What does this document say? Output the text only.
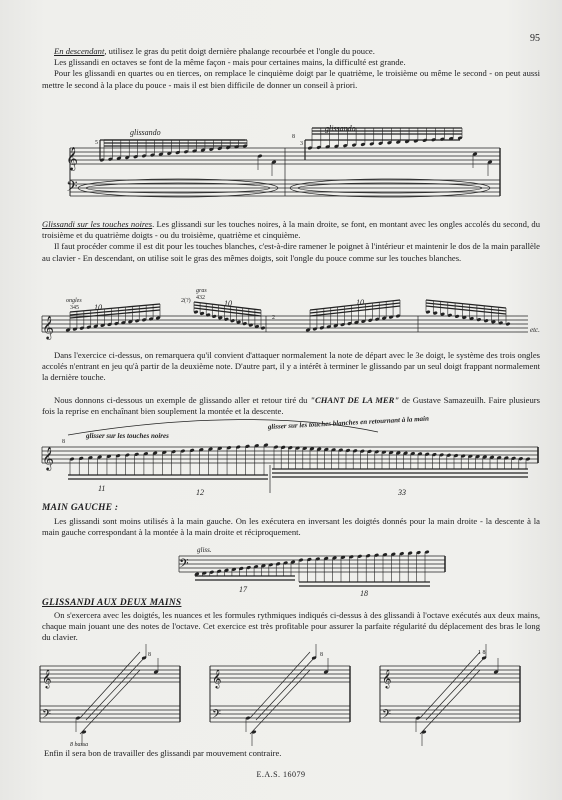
95

En descendant, utilisez le gras du petit doigt dernière phalange recourbée et l'ongle du pouce.

Les glissandi en octaves se font de la même façon - mais pour certaines mains, la difficulté est grande.

Pour les glissandi en quartes ou en tierces, on remplace le cinquième doigt par le quatrième, le troisième ou même le second - on peut aussi mettre le second à la place du pouce - mais il est bien difficile de donner un conseil à priori.

𝄞
𝄢
glissando	glissando
5
8
3

Glissandi sur les touches noires. Les glissandi sur les touches noires, à la main droite, se font, en montant avec les ongles accolés du second, du troisième et du quatrième doigts - ou du troisième, quatrième et cinquième.

Il faut procéder comme il est dit pour les touches blanches, c'est-à-dire ramener le poignet à l'intérieur et maintenir le dos de la main parallèle au clavier - En descendant, on utilise soit le gras des mêmes doigts, soit l'ongle du pouce comme sur les touches blanches.

𝄞
ongles
345 10
2(?)
gras
432
10
2
10
etc.

Dans l'exercice ci-dessus, on remarquera qu'il convient d'attaquer normalement la note de départ avec le 3e doigt, le système des trois ongles accolés n'entrant en jeu qu'à partir de la deuxième note. D'autre part, il y a intérêt à terminer le glissando par un seul doigt frappant normalement la dernière touche.

Nous donnons ci-dessous un exemple de glissando aller et retour tiré du "CHANT DE LA MER" de Gustave Samazeuilh. Faire plusieurs fois la reprise en enchaînant bien souplement la montée et la descente.

𝄞
8
glisser sur les touches noires
glisser sur les touches blanches en retournant à la main
11	12	33
MAIN GAUCHE :

Les glissandi sont moins utilisés à la main gauche. On les exécutera en inversant les doigtés donnés pour la main droite - la descente à la main gauche correspondant à la montée à la main droite et réciproquement.

𝄢
gliss.
17	18
GLISSANDI AUX DEUX MAINS

On s'exercera avec les doigtés, les nuances et les formules rythmiques indiqués ci-dessus à des glissandi à l'octave exécutés aux deux mains, chaque main jouant une des notes de l'octave. Cet exercice est très profitable pour assurer la parfaite régularité du déplacement des bras le long du clavier.

𝄞
𝄢
𝄞
𝄢
𝄞
𝄢
8	8	1 8
8 bassa

Enfin il sera bon de travailler des glissandi par mouvement contraire.

E.A.S. 16079
